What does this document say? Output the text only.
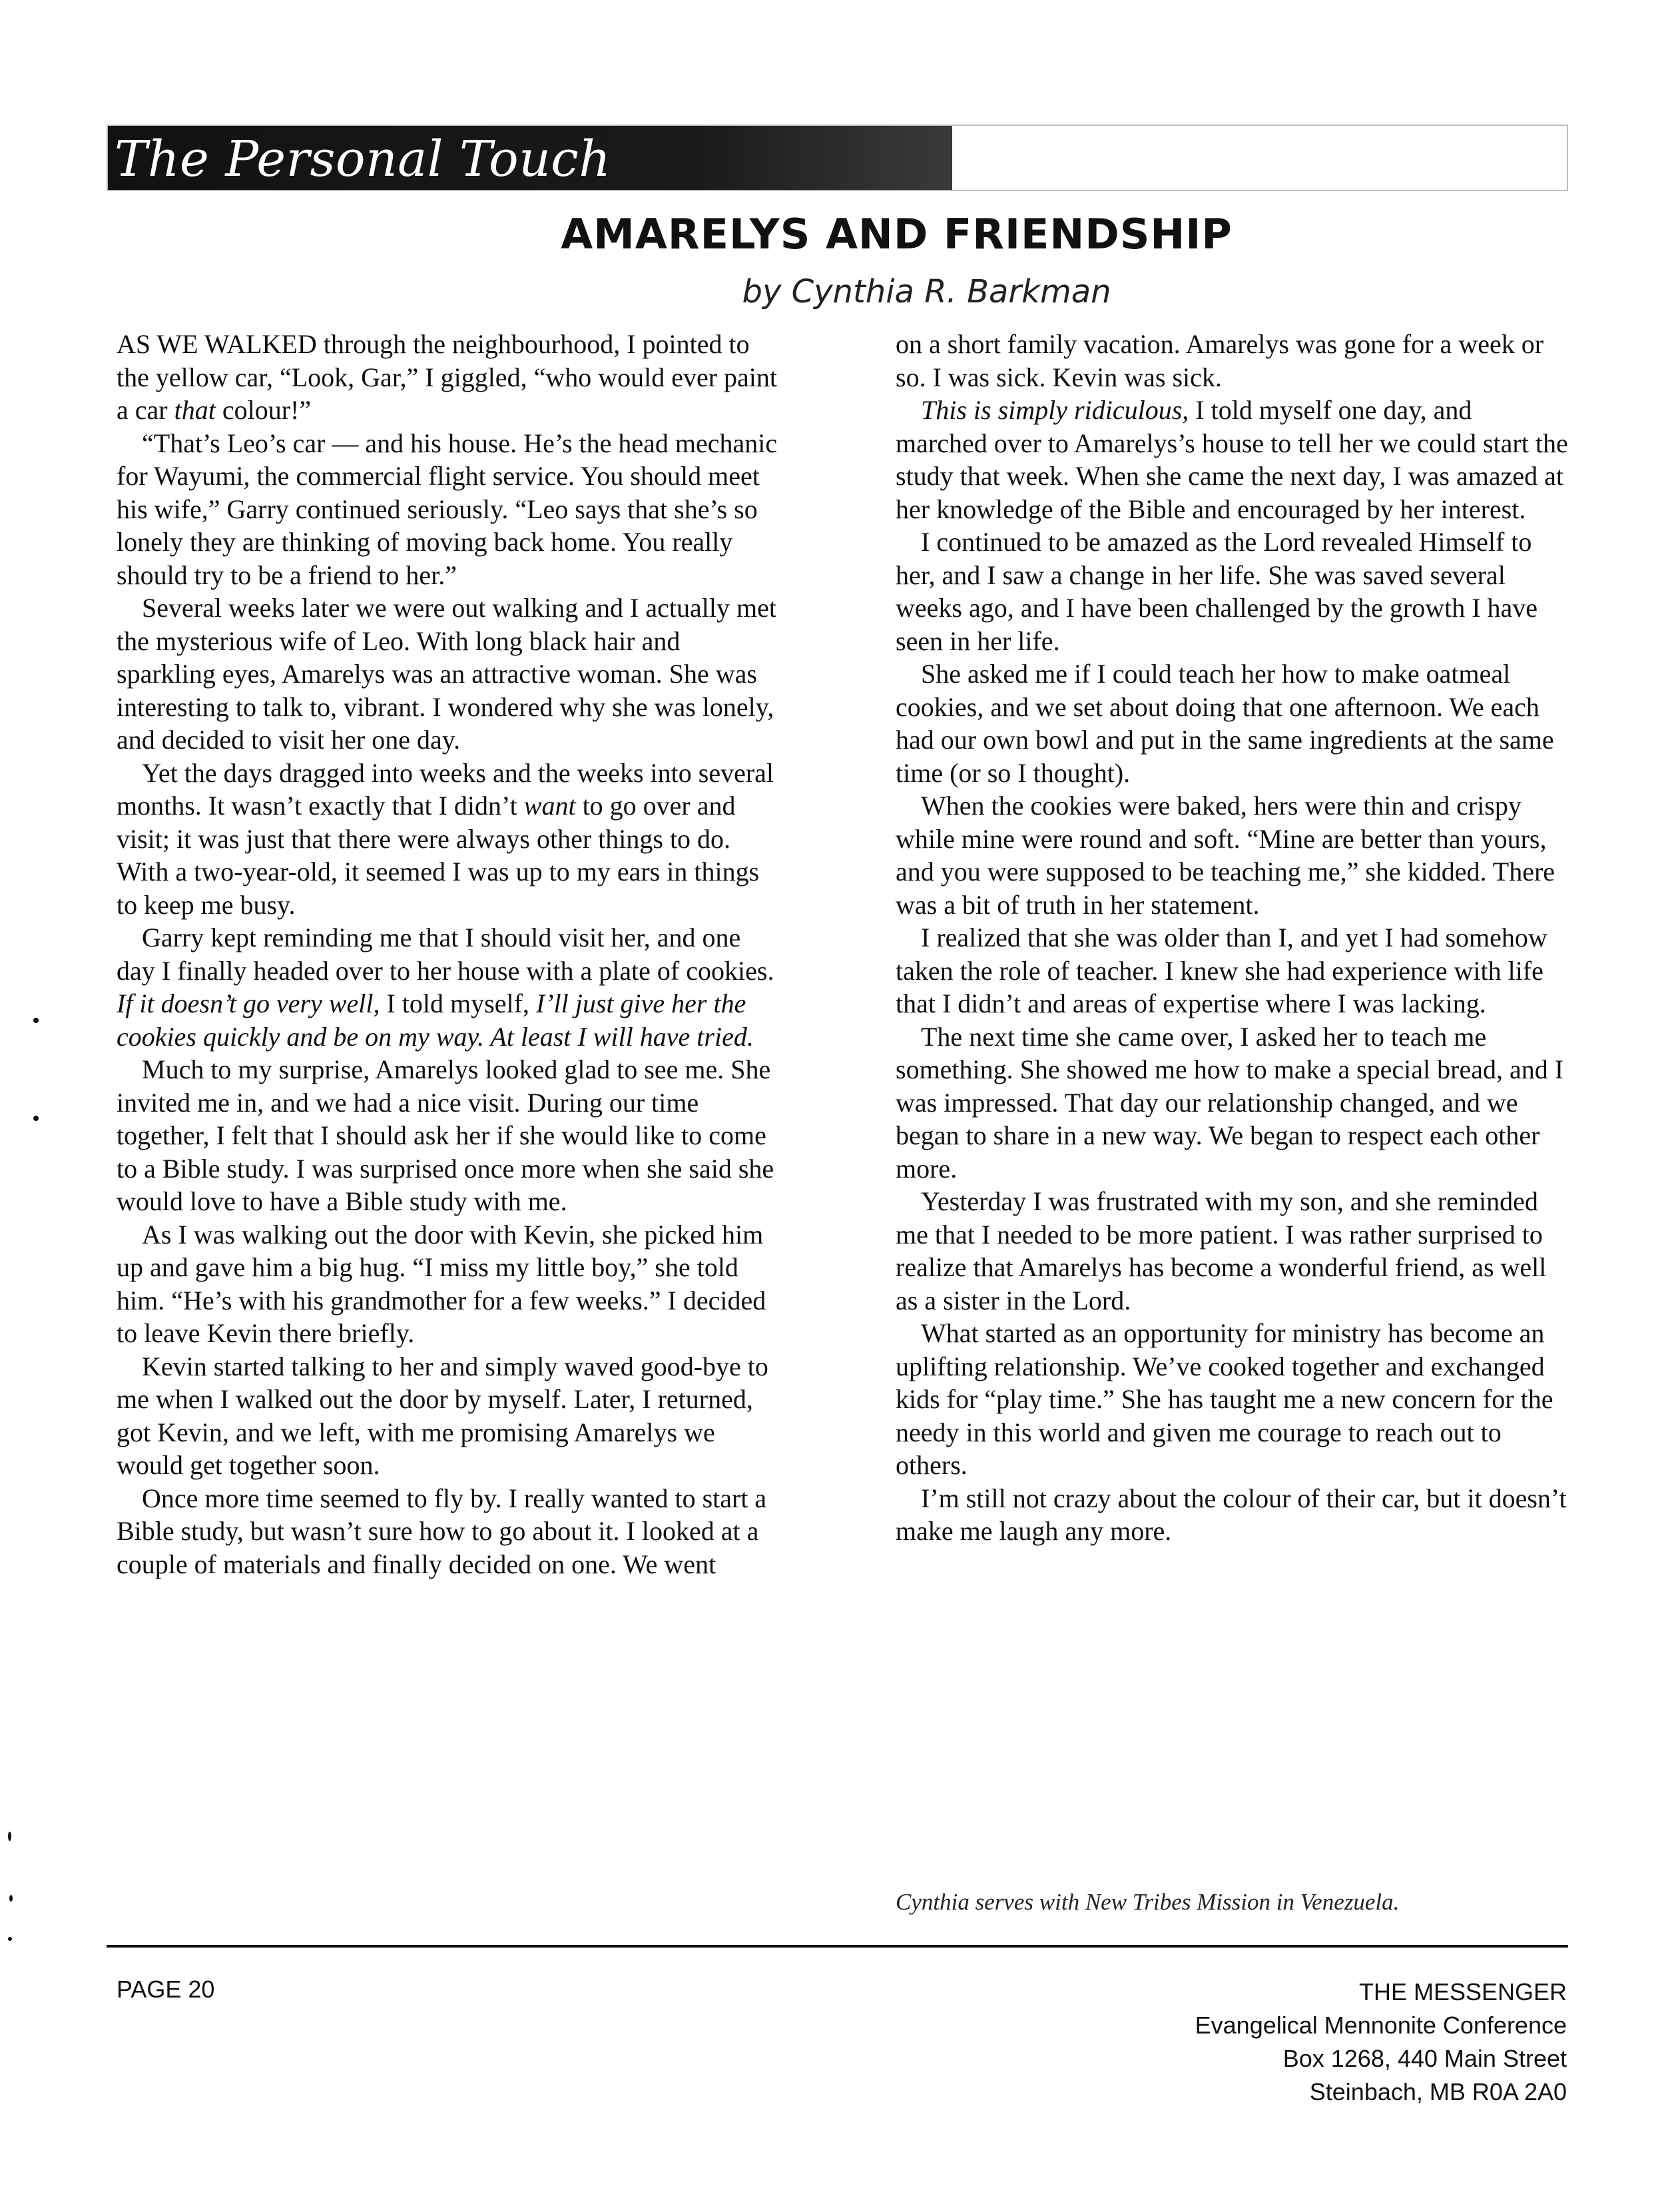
The Personal Touch
AMARELYS AND FRIENDSHIP
by Cynthia R. Barkman

AS WE WALKED through the neighbourhood, I pointed to the yellow car, “Look, Gar,” I giggled, “who would ever paint a car that colour!”

“That’s Leo’s car — and his house. He’s the head mechanic for Wayumi, the commercial flight service. You should meet his wife,” Garry continued seriously. “Leo says that she’s so lonely they are thinking of moving back home. You really should try to be a friend to her.”

Several weeks later we were out walking and I actually met the mysterious wife of Leo. With long black hair and sparkling eyes, Amarelys was an attractive woman. She was interesting to talk to, vibrant. I wondered why she was lonely, and decided to visit her one day.

Yet the days dragged into weeks and the weeks into several months. It wasn’t exactly that I didn’t want to go over and visit; it was just that there were always other things to do. With a two-year-old, it seemed I was up to my ears in things to keep me busy.

Garry kept reminding me that I should visit her, and one day I finally headed over to her house with a plate of cookies. If it doesn’t go very well, I told myself, I’ll just give her the cookies quickly and be on my way. At least I will have tried.

Much to my surprise, Amarelys looked glad to see me. She invited me in, and we had a nice visit. During our time together, I felt that I should ask her if she would like to come to a Bible study. I was surprised once more when she said she would love to have a Bible study with me.

As I was walking out the door with Kevin, she picked him up and gave him a big hug. “I miss my little boy,” she told him. “He’s with his grandmother for a few weeks.” I decided to leave Kevin there briefly.

Kevin started talking to her and simply waved good-bye to me when I walked out the door by myself. Later, I returned, got Kevin, and we left, with me promising Amarelys we would get together soon.

Once more time seemed to fly by. I really wanted to start a Bible study, but wasn’t sure how to go about it. I looked at a couple of materials and finally decided on one. We went

on a short family vacation. Amarelys was gone for a week or so. I was sick. Kevin was sick.

This is simply ridiculous, I told myself one day, and marched over to Amarelys’s house to tell her we could start the study that week. When she came the next day, I was amazed at her knowledge of the Bible and encouraged by her interest.

I continued to be amazed as the Lord revealed Himself to her, and I saw a change in her life. She was saved several weeks ago, and I have been challenged by the growth I have seen in her life.

She asked me if I could teach her how to make oatmeal cookies, and we set about doing that one afternoon. We each had our own bowl and put in the same ingredients at the same time (or so I thought).

When the cookies were baked, hers were thin and crispy while mine were round and soft. “Mine are better than yours, and you were supposed to be teaching me,” she kidded. There was a bit of truth in her statement.

I realized that she was older than I, and yet I had somehow taken the role of teacher. I knew she had experience with life that I didn’t and areas of expertise where I was lacking.

The next time she came over, I asked her to teach me something. She showed me how to make a special bread, and I was impressed. That day our relationship changed, and we began to share in a new way. We began to respect each other more.

Yesterday I was frustrated with my son, and she reminded me that I needed to be more patient. I was rather surprised to realize that Amarelys has become a wonderful friend, as well as a sister in the Lord.

What started as an opportunity for ministry has become an uplifting relationship. We’ve cooked together and exchanged kids for “play time.” She has taught me a new concern for the needy in this world and given me courage to reach out to others.

I’m still not crazy about the colour of their car, but it doesn’t make me laugh any more.

Cynthia serves with New Tribes Mission in Venezuela.
PAGE 20	THE MESSENGER
Evangelical Mennonite Conference
Box 1268, 440 Main Street
Steinbach, MB R0A 2A0
